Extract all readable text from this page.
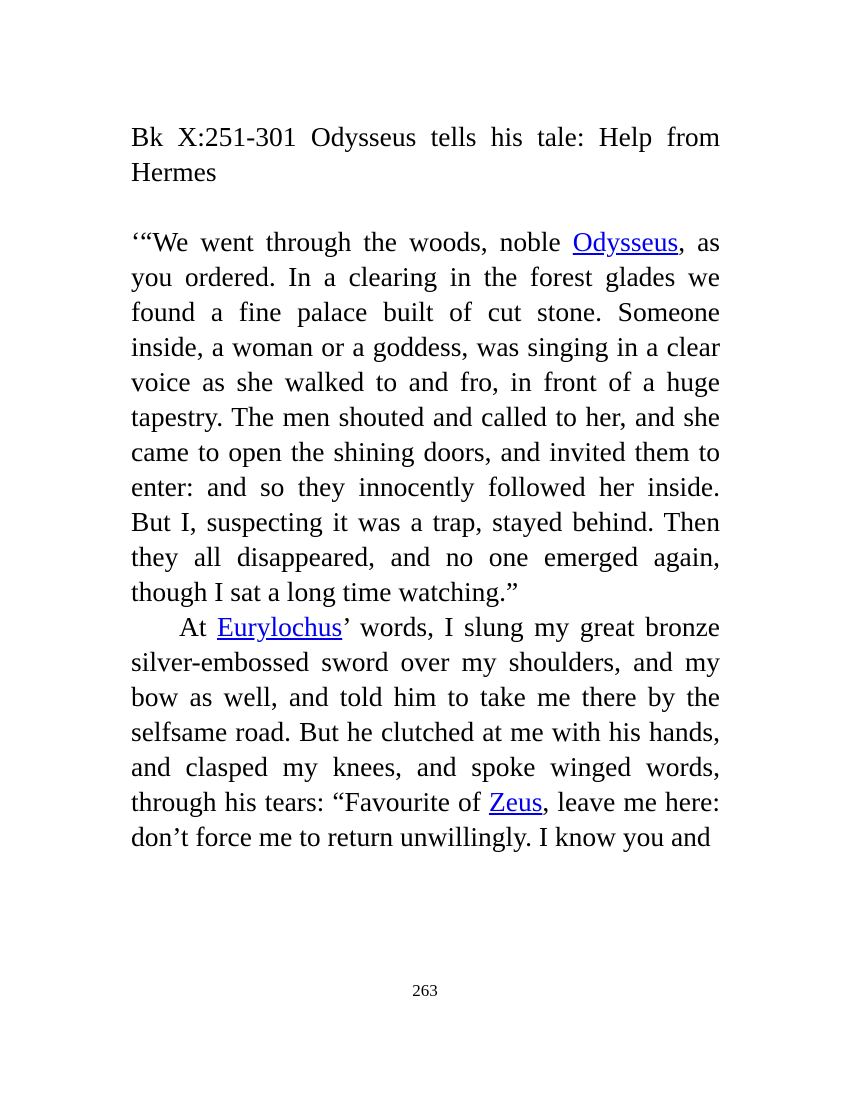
Bk X:251-301 Odysseus tells his tale: Help from Hermes

‘“We went through the woods, noble Odysseus, as you ordered. In a clearing in the forest glades we found a fine palace built of cut stone. Someone inside, a woman or a goddess, was singing in a clear voice as she walked to and fro, in front of a huge tapestry. The men shouted and called to her, and she came to open the shining doors, and invited them to enter: and so they innocently followed her inside. But I, suspecting it was a trap, stayed behind. Then they all disappeared, and no one emerged again, though I sat a long time watching.”

At Eurylochus’ words, I slung my great bronze silver-embossed sword over my shoulders, and my bow as well, and told him to take me there by the selfsame road. But he clutched at me with his hands, and clasped my knees, and spoke winged words, through his tears: “Favourite of Zeus, leave me here: don’t force me to return unwillingly. I know you and

263
